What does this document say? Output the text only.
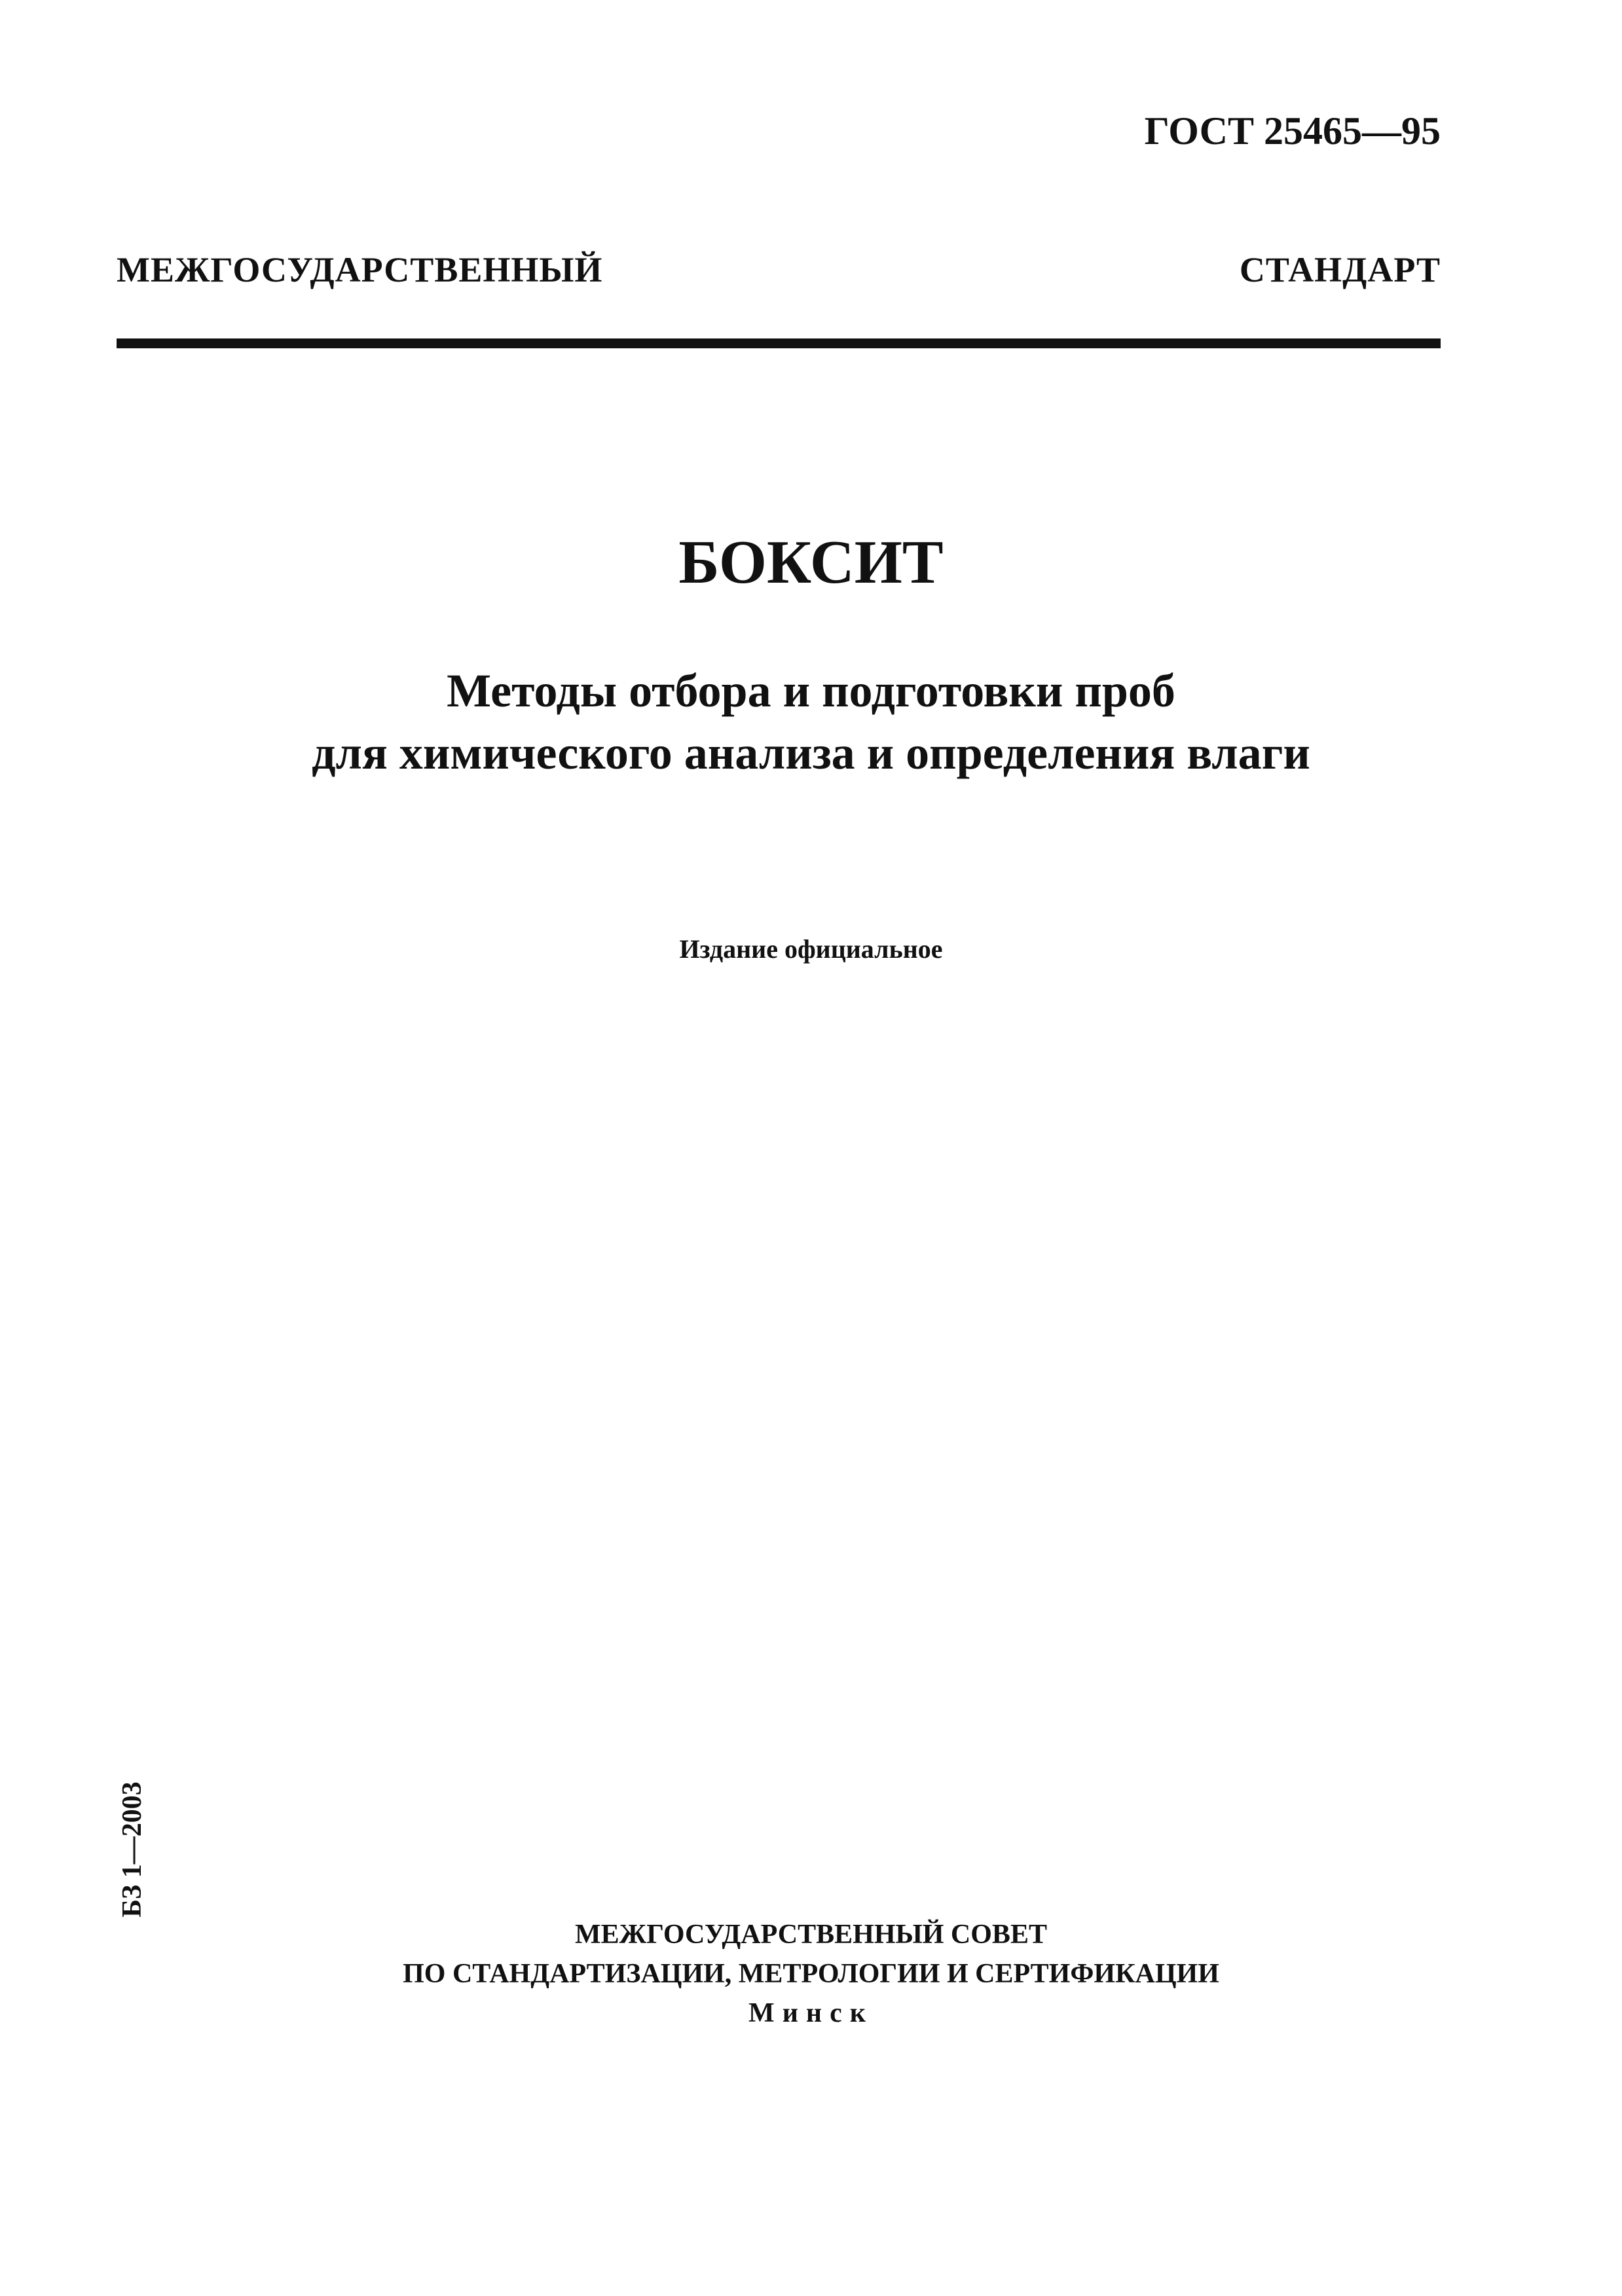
ГОСТ 25465—95
МЕЖГОСУДАРСТВЕННЫЙ СТАНДАРТ
БОКСИТ
Методы отбора и подготовки проб
для химического анализа и определения влаги
Издание официальное
БЗ 1—2003
МЕЖГОСУДАРСТВЕННЫЙ СОВЕТ
ПО СТАНДАРТИЗАЦИИ, МЕТРОЛОГИИ И СЕРТИФИКАЦИИ
Минск
